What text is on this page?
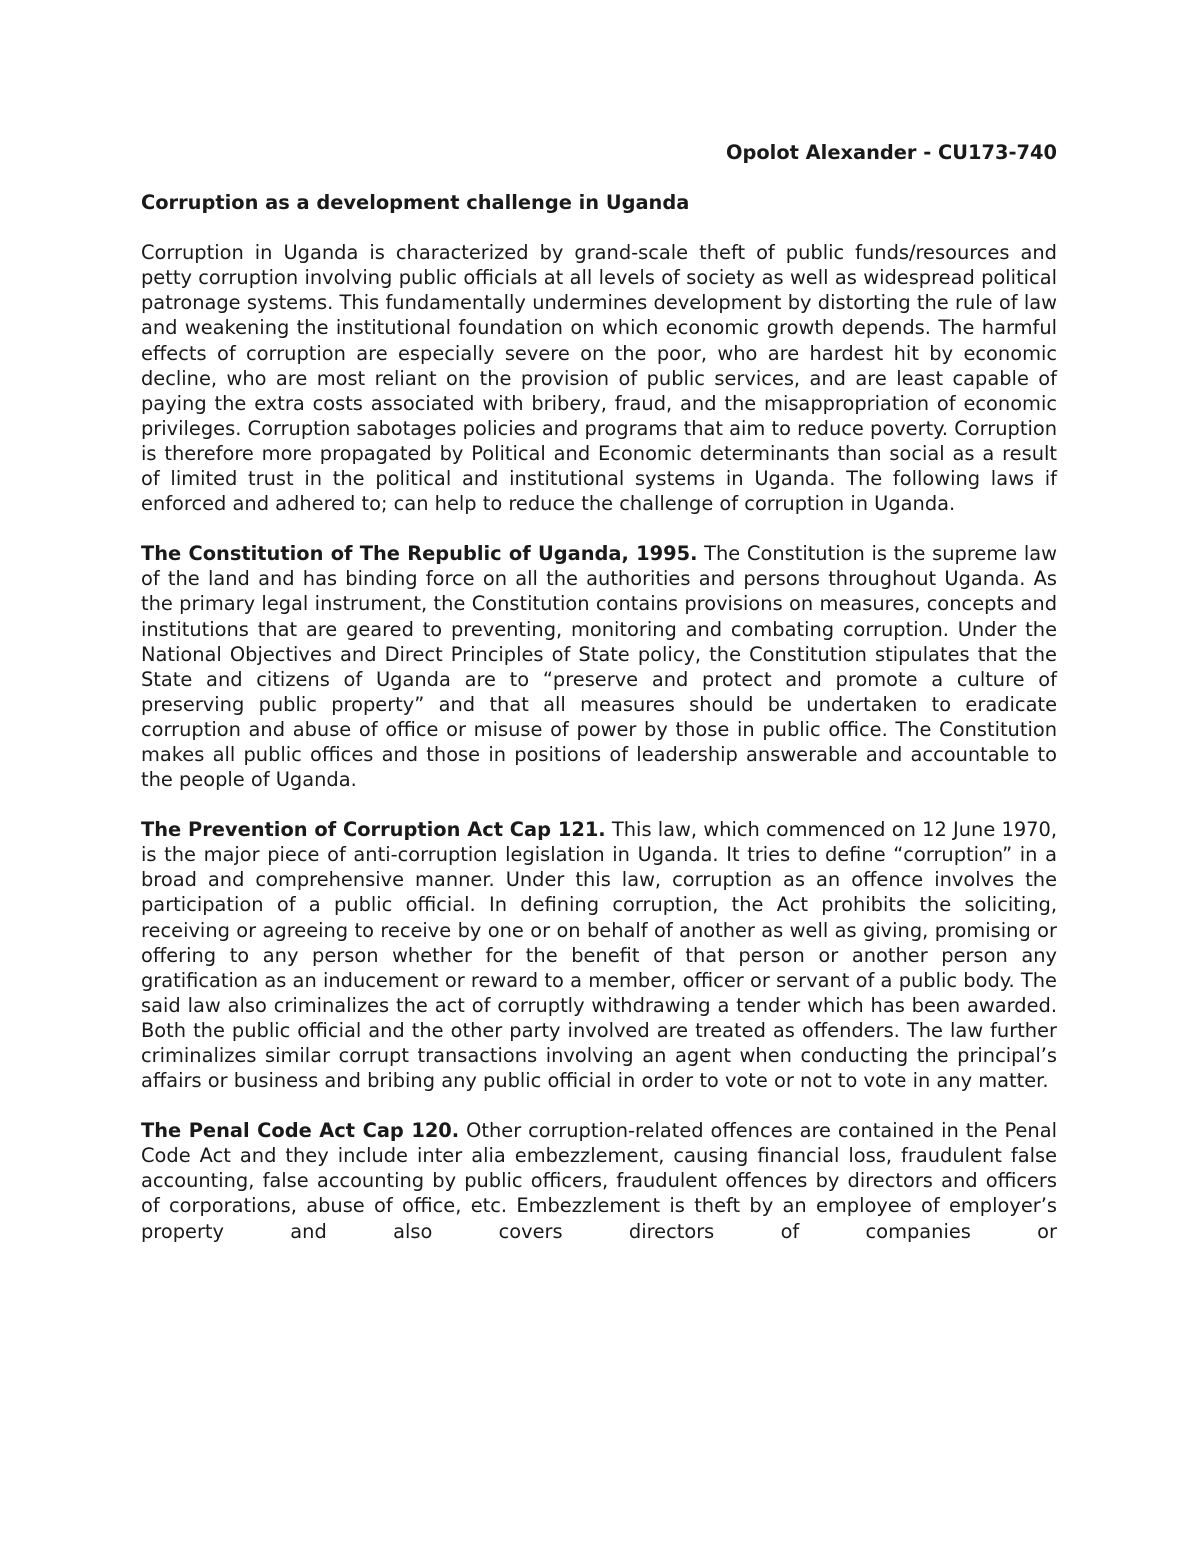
Opolot Alexander - CU173-740

Corruption as a development challenge in Uganda

Corruption in Uganda is characterized by grand-scale theft of public funds/resources and petty corruption involving public officials at all levels of society as well as widespread political patronage systems. This fundamentally undermines development by distorting the rule of law and weakening the institutional foundation on which economic growth depends. The harmful effects of corruption are especially severe on the poor, who are hardest hit by economic decline, who are most reliant on the provision of public services, and are least capable of paying the extra costs associated with bribery, fraud, and the misappropriation of economic privileges. Corruption sabotages policies and programs that aim to reduce poverty. Corruption is therefore more propagated by Political and Economic determinants than social as a result of limited trust in the political and institutional systems in Uganda. The following laws if enforced and adhered to; can help to reduce the challenge of corruption in Uganda.

The Constitution of The Republic of Uganda, 1995. The Constitution is the supreme law of the land and has binding force on all the authorities and persons throughout Uganda. As the primary legal instrument, the Constitution contains provisions on measures, concepts and institutions that are geared to preventing, monitoring and combating corruption. Under the National Objectives and Direct Principles of State policy, the Constitution stipulates that the State and citizens of Uganda are to “preserve and protect and promote a culture of preserving public property” and that all measures should be undertaken to eradicate corruption and abuse of office or misuse of power by those in public office. The Constitution makes all public offices and those in positions of leadership answerable and accountable to the people of Uganda.

The Prevention of Corruption Act Cap 121. This law, which commenced on 12 June 1970, is the major piece of anti-corruption legislation in Uganda. It tries to define “corruption” in a broad and comprehensive manner. Under this law, corruption as an offence involves the participation of a public official. In defining corruption, the Act prohibits the soliciting, receiving or agreeing to receive by one or on behalf of another as well as giving, promising or offering to any person whether for the benefit of that person or another person any gratification as an inducement or reward to a member, officer or servant of a public body. The said law also criminalizes the act of corruptly withdrawing a tender which has been awarded. Both the public official and the other party involved are treated as offenders. The law further criminalizes similar corrupt transactions involving an agent when conducting the principal’s affairs or business and bribing any public official in order to vote or not to vote in any matter.

The Penal Code Act Cap 120. Other corruption-related offences are contained in the Penal Code Act and they include inter alia embezzlement, causing financial loss, fraudulent false accounting, false accounting by public officers, fraudulent offences by directors and officers of corporations, abuse of office, etc. Embezzlement is theft by an employee of employer’s property and also covers directors of companies or
